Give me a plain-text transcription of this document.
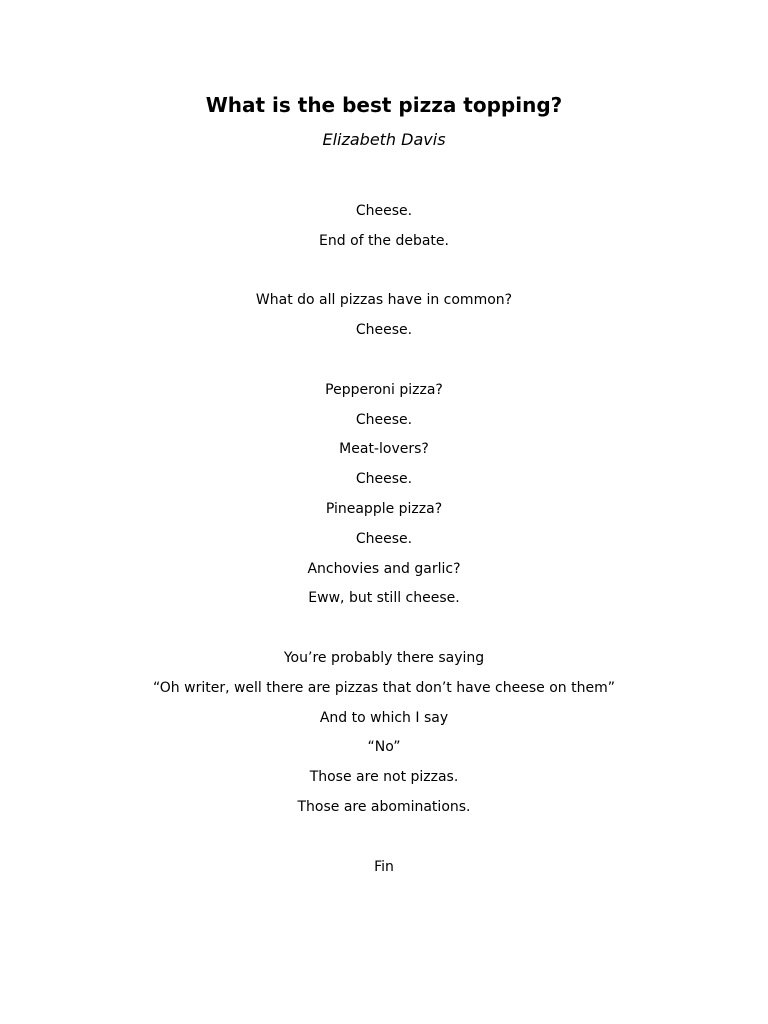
What is the best pizza topping?
Elizabeth Davis
Cheese.
End of the debate.
What do all pizzas have in common?
Cheese.
Pepperoni pizza?
Cheese.
Meat-lovers?
Cheese.
Pineapple pizza?
Cheese.
Anchovies and garlic?
Eww, but still cheese.
You’re probably there saying
“Oh writer, well there are pizzas that don’t have cheese on them”
And to which I say
“No”
Those are not pizzas.
Those are abominations.
Fin
